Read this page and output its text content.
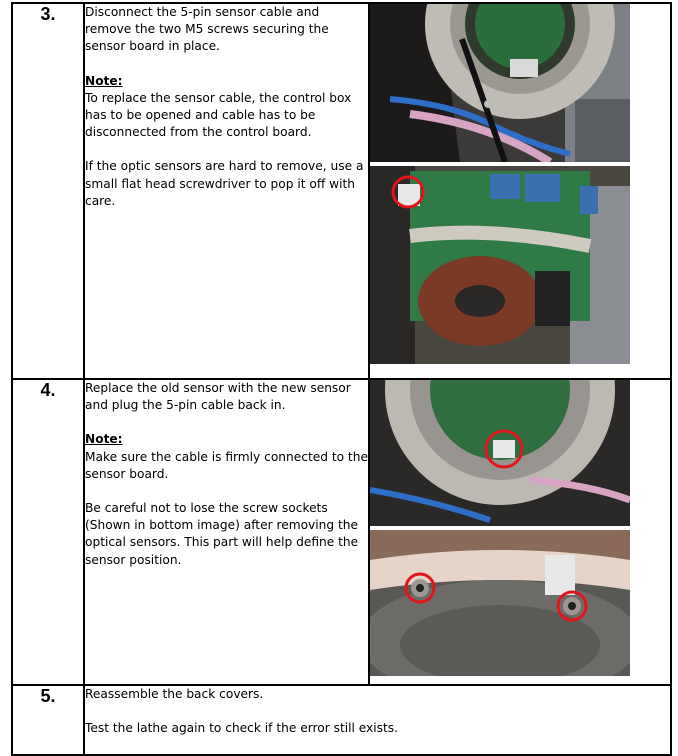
3.	Disconnect the 5-pin sensor cable and remove the two M5 screws securing the sensor board in place.

Note:

To replace the sensor cable, the control box has to be opened and cable has to be disconnected from the control board.

If the optic sensors are hard to remove, use a small flat head screwdriver to pop it off with care.

4.	Replace the old sensor with the new sensor and plug the 5-pin cable back in.

Note:

Make sure the cable is firmly connected to the sensor board.

Be careful not to lose the screw sockets (Shown in bottom image) after removing the optical sensors. This part will help define the sensor position.

5.	Reassemble the back covers.

Test the lathe again to check if the error still exists.	
